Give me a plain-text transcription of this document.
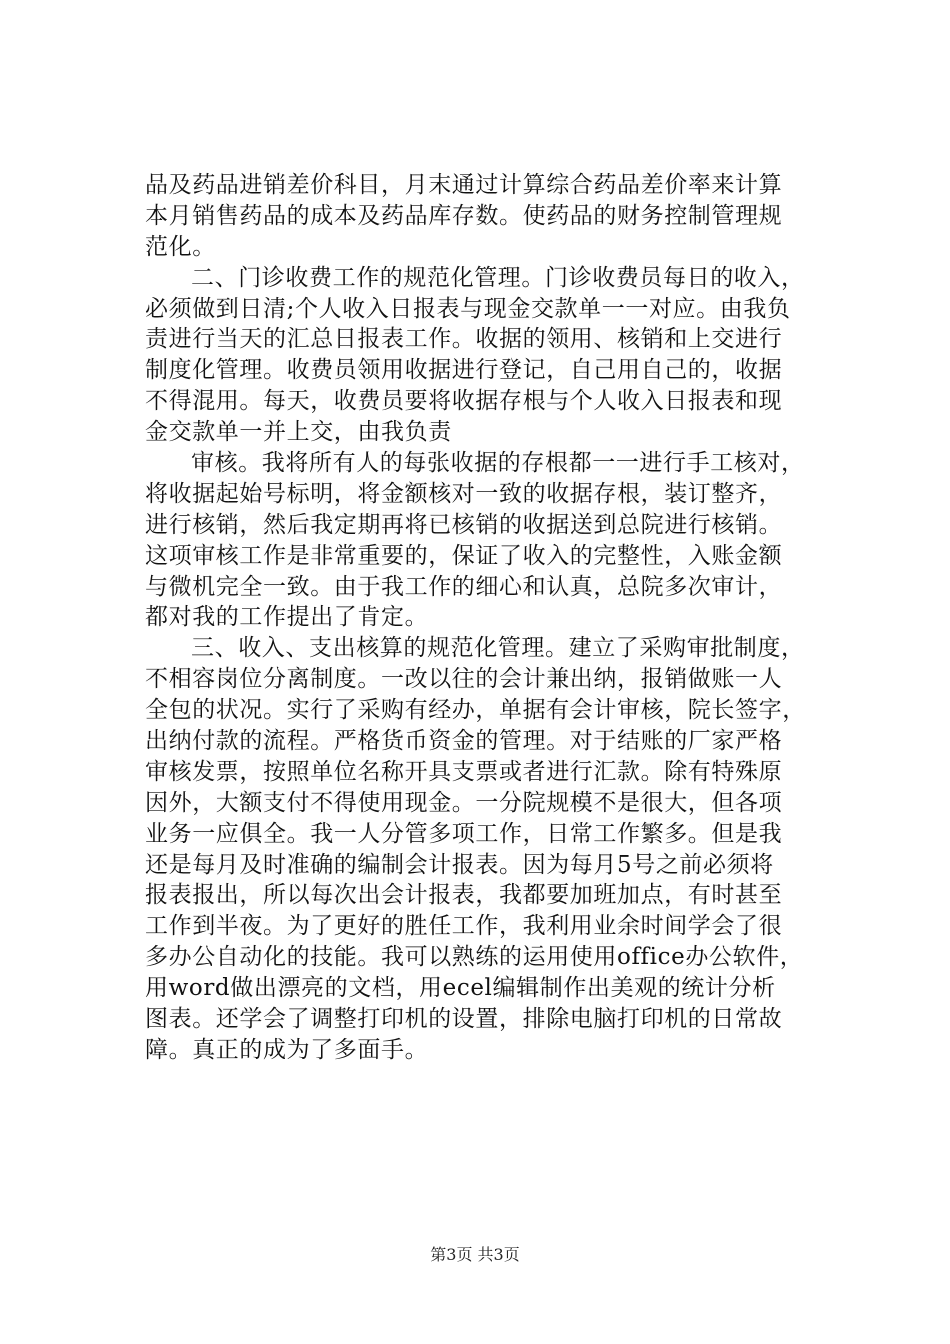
品及药品进销差价科目，月末通过计算综合药品差价率来计算
本月销售药品的成本及药品库存数。使药品的财务控制管理规
范化。
二、门诊收费工作的规范化管理。门诊收费员每日的收入，
必须做到日清;个人收入日报表与现金交款单一一对应。由我负
责进行当天的汇总日报表工作。收据的领用、核销和上交进行
制度化管理。收费员领用收据进行登记，自己用自己的，收据
不得混用。每天，收费员要将收据存根与个人收入日报表和现
金交款单一并上交，由我负责
审核。我将所有人的每张收据的存根都一一进行手工核对，
将收据起始号标明，将金额核对一致的收据存根，装订整齐，
进行核销，然后我定期再将已核销的收据送到总院进行核销。
这项审核工作是非常重要的，保证了收入的完整性，入账金额
与微机完全一致。由于我工作的细心和认真，总院多次审计，
都对我的工作提出了肯定。
三、收入、支出核算的规范化管理。建立了采购审批制度，
不相容岗位分离制度。一改以往的会计兼出纳，报销做账一人
全包的状况。实行了采购有经办，单据有会计审核，院长签字，
出纳付款的流程。严格货币资金的管理。对于结账的厂家严格
审核发票，按照单位名称开具支票或者进行汇款。除有特殊原
因外，大额支付不得使用现金。一分院规模不是很大，但各项
业务一应俱全。我一人分管多项工作，日常工作繁多。但是我
还是每月及时准确的编制会计报表。因为每月5号之前必须将
报表报出，所以每次出会计报表，我都要加班加点，有时甚至
工作到半夜。为了更好的胜任工作，我利用业余时间学会了很
多办公自动化的技能。我可以熟练的运用使用office办公软件，
用word做出漂亮的文档，用ecel编辑制作出美观的统计分析
图表。还学会了调整打印机的设置，排除电脑打印机的日常故
障。真正的成为了多面手。
第3页 共3页
